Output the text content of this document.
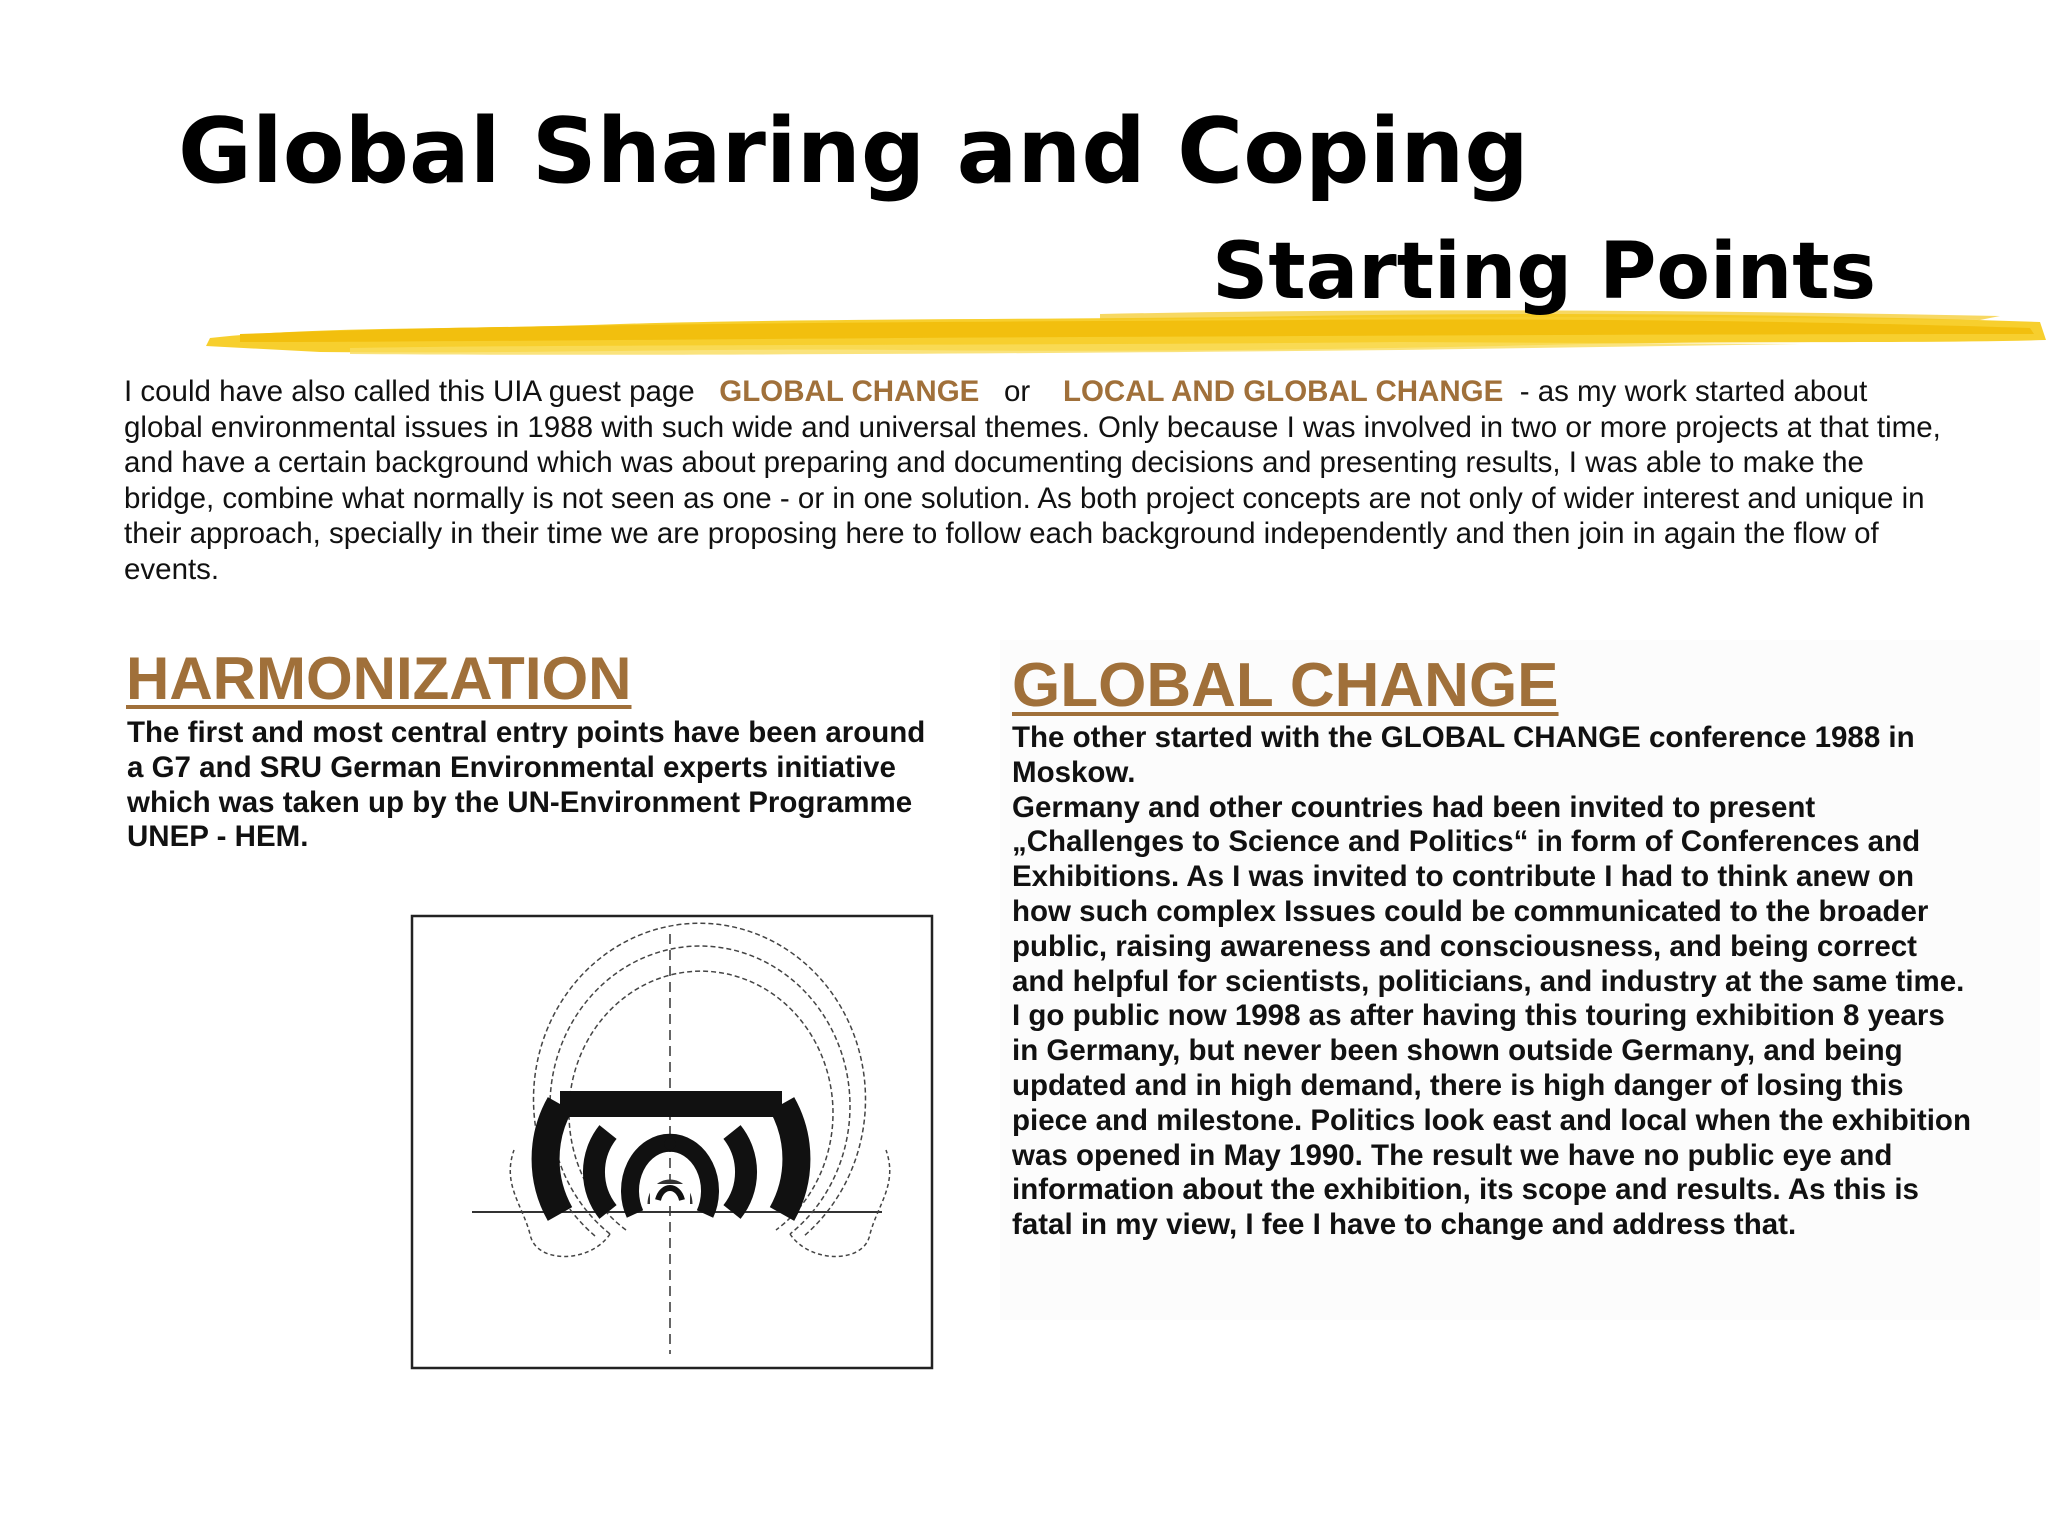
Global Sharing and Coping
Starting Points

I could have also called this UIA guest page GLOBAL CHANGE or LOCAL AND GLOBAL CHANGE - as my work started about global environmental issues in 1988 with such wide and universal themes. Only because I was involved in two or more projects at that time, and have a certain background which was about preparing and documenting decisions and presenting results, I was able to make the bridge, combine what normally is not seen as one - or in one solution. As both project concepts are not only of wider interest and unique in their approach, specially in their time we are proposing here to follow each background independently and then join in again the flow of events.

HARMONIZATION

The first and most central entry points have been around a G7 and SRU German Environmental experts initiative which was taken up by the UN-Environment Programme UNEP - HEM.

GLOBAL CHANGE

The other started with the GLOBAL CHANGE conference 1988 in Moskow.
Germany and other countries had been invited to present „Challenges to Science and Politics“ in form of Conferences and Exhibitions. As I was invited to contribute I had to think anew on how such complex Issues could be communicated to the broader public, raising awareness and consciousness, and being correct and helpful for scientists, politicians, and industry at the same time. I go public now 1998 as after having this touring exhibition 8 years in Germany, but never been shown outside Germany, and being updated and in high demand, there is high danger of losing this piece and milestone. Politics look east and local when the exhibition was opened in May 1990. The result we have no public eye and information about the exhibition, its scope and results. As this is fatal in my view, I fee I have to change and address that.
